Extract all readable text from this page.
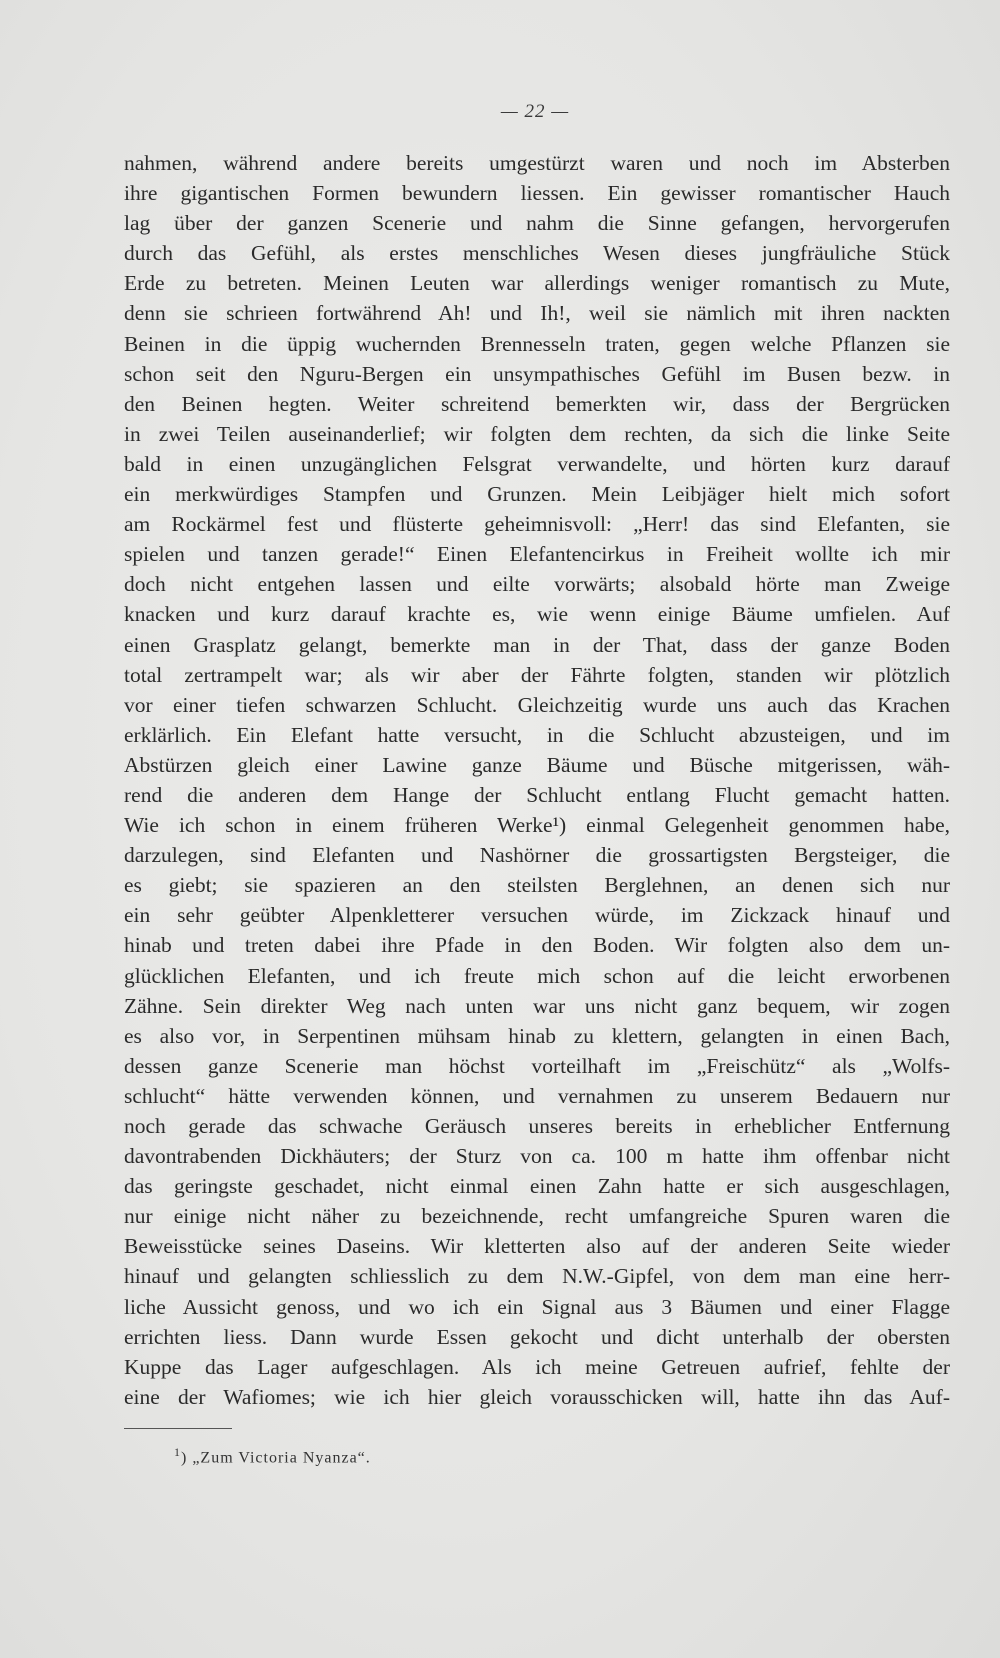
— 22 —
nahmen, während andere bereits umgestürzt waren und noch im Absterben
ihre gigantischen Formen bewundern liessen. Ein gewisser romantischer Hauch
lag über der ganzen Scenerie und nahm die Sinne gefangen, hervorgerufen
durch das Gefühl, als erstes menschliches Wesen dieses jungfräuliche Stück
Erde zu betreten. Meinen Leuten war allerdings weniger romantisch zu Mute,
denn sie schrieen fortwährend Ah! und Ih!, weil sie nämlich mit ihren nackten
Beinen in die üppig wuchernden Brennesseln traten, gegen welche Pflanzen sie
schon seit den Nguru-Bergen ein unsympathisches Gefühl im Busen bezw. in
den Beinen hegten. Weiter schreitend bemerkten wir, dass der Bergrücken
in zwei Teilen auseinanderlief; wir folgten dem rechten, da sich die linke Seite
bald in einen unzugänglichen Felsgrat verwandelte, und hörten kurz darauf
ein merkwürdiges Stampfen und Grunzen. Mein Leibjäger hielt mich sofort
am Rockärmel fest und flüsterte geheimnisvoll: „Herr! das sind Elefanten, sie
spielen und tanzen gerade!“ Einen Elefantencirkus in Freiheit wollte ich mir
doch nicht entgehen lassen und eilte vorwärts; alsobald hörte man Zweige
knacken und kurz darauf krachte es, wie wenn einige Bäume umfielen. Auf
einen Grasplatz gelangt, bemerkte man in der That, dass der ganze Boden
total zertrampelt war; als wir aber der Fährte folgten, standen wir plötzlich
vor einer tiefen schwarzen Schlucht. Gleichzeitig wurde uns auch das Krachen
erklärlich. Ein Elefant hatte versucht, in die Schlucht abzusteigen, und im
Abstürzen gleich einer Lawine ganze Bäume und Büsche mitgerissen, wäh-
rend die anderen dem Hange der Schlucht entlang Flucht gemacht hatten.
Wie ich schon in einem früheren Werke¹) einmal Gelegenheit genommen habe,
darzulegen, sind Elefanten und Nashörner die grossartigsten Bergsteiger, die
es giebt; sie spazieren an den steilsten Berglehnen, an denen sich nur
ein sehr geübter Alpenkletterer versuchen würde, im Zickzack hinauf und
hinab und treten dabei ihre Pfade in den Boden. Wir folgten also dem un-
glücklichen Elefanten, und ich freute mich schon auf die leicht erworbenen
Zähne. Sein direkter Weg nach unten war uns nicht ganz bequem, wir zogen
es also vor, in Serpentinen mühsam hinab zu klettern, gelangten in einen Bach,
dessen ganze Scenerie man höchst vorteilhaft im „Freischütz“ als „Wolfs-
schlucht“ hätte verwenden können, und vernahmen zu unserem Bedauern nur
noch gerade das schwache Geräusch unseres bereits in erheblicher Entfernung
davontrabenden Dickhäuters; der Sturz von ca. 100 m hatte ihm offenbar nicht
das geringste geschadet, nicht einmal einen Zahn hatte er sich ausgeschlagen,
nur einige nicht näher zu bezeichnende, recht umfangreiche Spuren waren die
Beweisstücke seines Daseins. Wir kletterten also auf der anderen Seite wieder
hinauf und gelangten schliesslich zu dem N.W.-Gipfel, von dem man eine herr-
liche Aussicht genoss, und wo ich ein Signal aus 3 Bäumen und einer Flagge
errichten liess. Dann wurde Essen gekocht und dicht unterhalb der obersten
Kuppe das Lager aufgeschlagen. Als ich meine Getreuen aufrief, fehlte der
eine der Wafiomes; wie ich hier gleich vorausschicken will, hatte ihn das Auf-
$^1$) „Zum Victoria Nyanza“.
